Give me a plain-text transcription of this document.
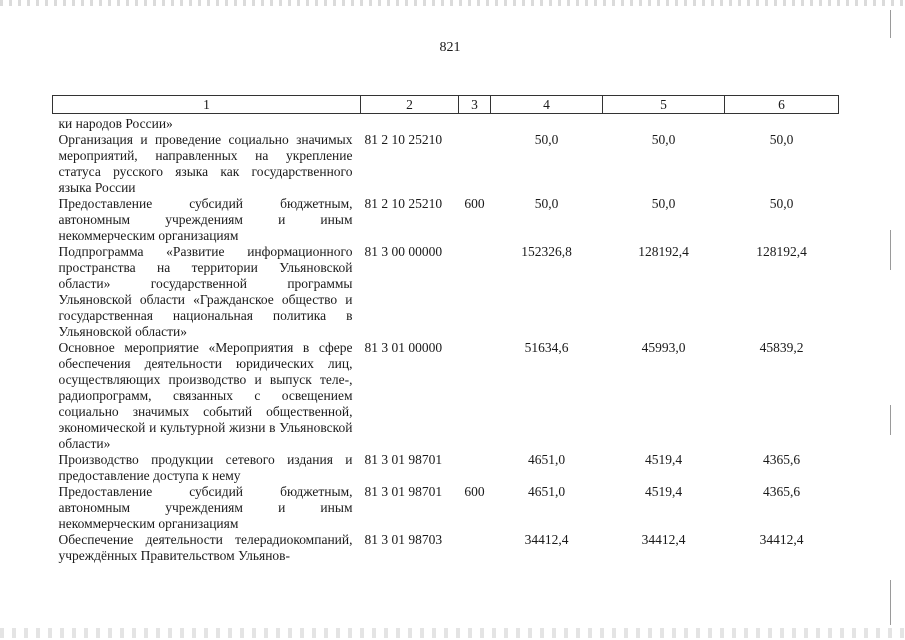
821
1	2	3	4	5	6
ки народов России»					
Организация и проведение социально значимых мероприятий, направленных на укрепление статуса русского языка как государственного языка России	81 2 10 25210		50,0	50,0	50,0
Предоставление субсидий бюджетным, автономным учреждениям и иным некоммерческим организациям	81 2 10 25210	600	50,0	50,0	50,0
Подпрограмма «Развитие информационного пространства на территории Ульяновской области» государственной программы Ульяновской области «Гражданское общество и государственная национальная политика в Ульяновской области»	81 3 00 00000		152326,8	128192,4	128192,4
Основное мероприятие «Мероприятия в сфере обеспечения деятельности юридических лиц, осуществляющих производство и выпуск теле-, радиопрограмм, связанных с освещением социально значимых событий общественной, экономической и культурной жизни в Ульяновской области»	81 3 01 00000		51634,6	45993,0	45839,2
Производство продукции сетевого издания и предоставление доступа к нему	81 3 01 98701		4651,0	4519,4	4365,6
Предоставление субсидий бюджетным, автономным учреждениям и иным некоммерческим организациям	81 3 01 98701	600	4651,0	4519,4	4365,6
Обеспечение деятельности телерадиокомпаний, учреждённых Правительством Ульянов-	81 3 01 98703		34412,4	34412,4	34412,4
